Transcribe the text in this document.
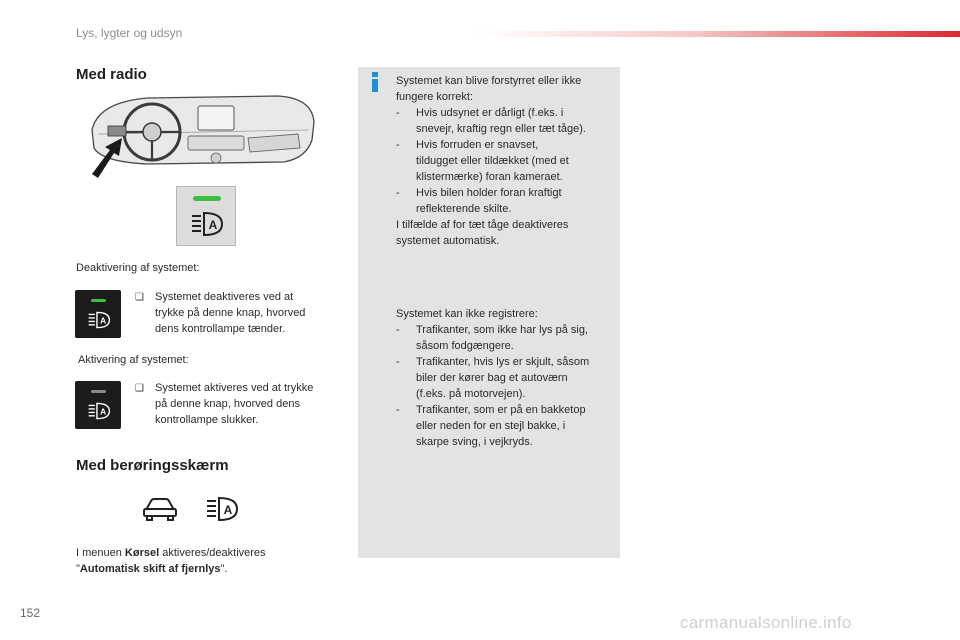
Lys, lygter og udsyn
Med radio
A
Deaktivering af systemet:
A
❑ Systemet deaktiveres ved at
trykke på denne knap, hvorved
dens kontrollampe tænder.
Aktivering af systemet:
A
❑ Systemet aktiveres ved at trykke
på denne knap, hvorved dens
kontrollampe slukker.
Med berøringsskærm
A
I menuen Kørsel aktiveres/deaktiveres
"Automatisk skift af fjernlys".
Systemet kan blive forstyrret eller ikke
fungere korrekt:
- Hvis udsynet er dårligt (f.eks. i
snevejr, kraftig regn eller tæt tåge).
- Hvis forruden er snavset,
tildugget eller tildækket (med et
klistermærke) foran kameraet.
- Hvis bilen holder foran kraftigt
reflekterende skilte.
I tilfælde af for tæt tåge deaktiveres
systemet automatisk.
Systemet kan ikke registrere:
- Trafikanter, som ikke har lys på sig,
såsom fodgængere.
- Trafikanter, hvis lys er skjult, såsom
biler der kører bag et autoværn
(f.eks. på motorvejen).
- Trafikanter, som er på en bakketop
eller neden for en stejl bakke, i
skarpe sving, i vejkryds.
152	carmanualsonline.info
